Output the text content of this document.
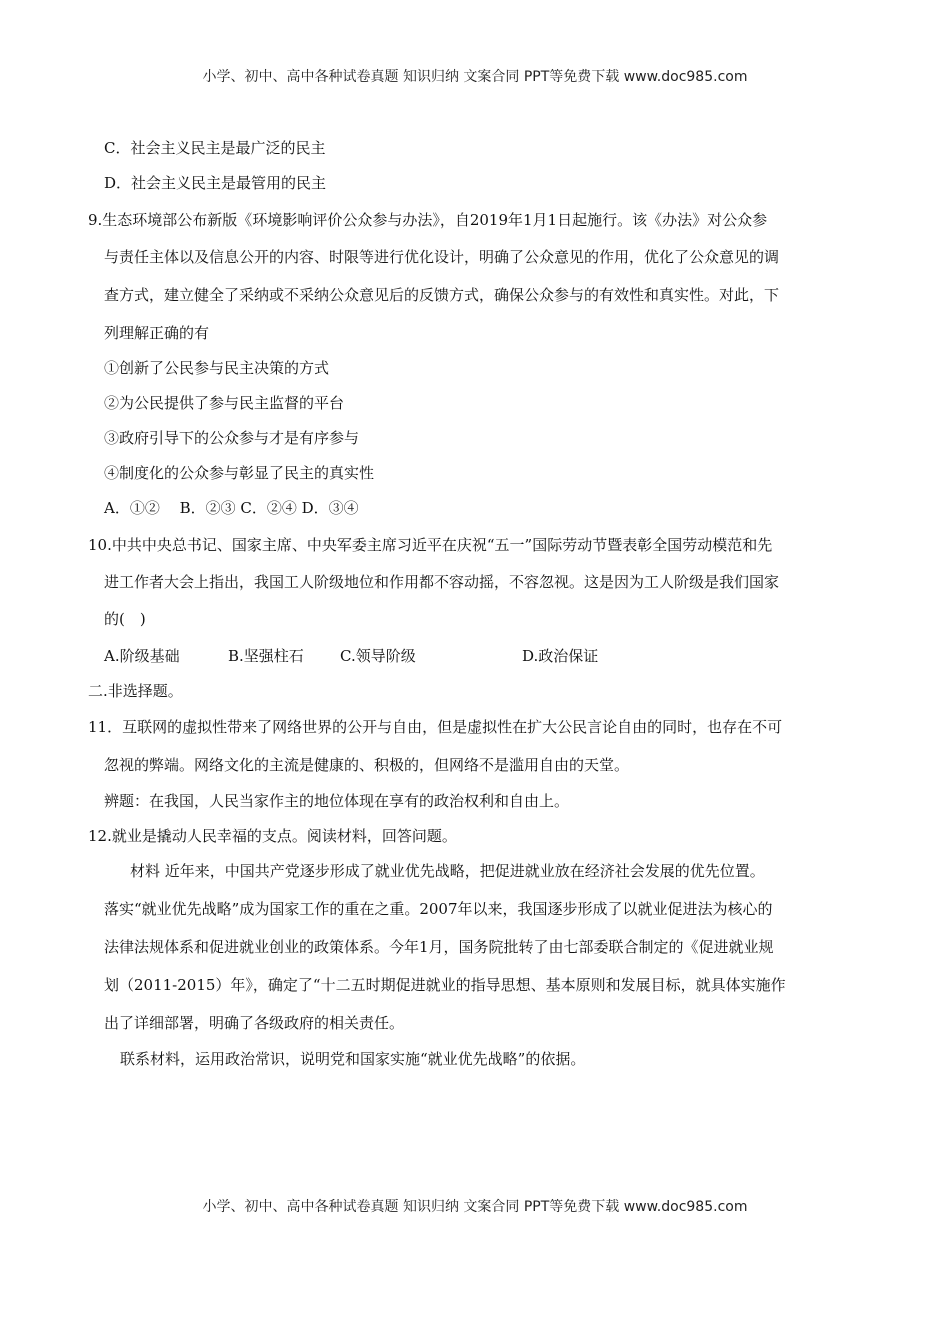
小学、初中、高中各种试卷真题 知识归纳 文案合同 PPT等免费下载 www.doc985.com
C．社会主义民主是最广泛的民主
D．社会主义民主是最管用的民主
9.生态环境部公布新版《环境影响评价公众参与办法》，自2019年1月1日起施行。该《办法》对公众参
与责任主体以及信息公开的内容、时限等进行优化设计，明确了公众意见的作用，优化了公众意见的调
查方式，建立健全了采纳或不采纳公众意见后的反馈方式，确保公众参与的有效性和真实性。对此，下
列理解正确的有
①创新了公民参与民主决策的方式
②为公民提供了参与民主监督的平台
③政府引导下的公众参与才是有序参与
④制度化的公众参与彰显了民主的真实性
A．①②　 B．②③ C．②④ D．③④
10.中共中央总书记、国家主席、中央军委主席习近平在庆祝“五一”国际劳动节暨表彰全国劳动模范和先
进工作者大会上指出，我国工人阶级地位和作用都不容动摇，不容忽视。这是因为工人阶级是我们国家
的(　)
A.阶级基础	B.坚强柱石 C.领导阶级	D.政治保证
二.非选择题。
11．互联网的虚拟性带来了网络世界的公开与自由，但是虚拟性在扩大公民言论自由的同时，也存在不可
忽视的弊端。网络文化的主流是健康的、积极的，但网络不是滥用自由的天堂。
辨题：在我国，人民当家作主的地位体现在享有的政治权利和自由上。
12.就业是撬动人民幸福的支点。阅读材料，回答问题。
材料 近年来，中国共产党逐步形成了就业优先战略，把促进就业放在经济社会发展的优先位置。
落实“就业优先战略”成为国家工作的重在之重。2007年以来，我国逐步形成了以就业促进法为核心的
法律法规体系和促进就业创业的政策体系。今年1月，国务院批转了由七部委联合制定的《促进就业规
划（2011-2015）年》，确定了“十二五时期促进就业的指导思想、基本原则和发展目标，就具体实施作
出了详细部署，明确了各级政府的相关责任。
联系材料，运用政治常识，说明党和国家实施“就业优先战略”的依据。
小学、初中、高中各种试卷真题 知识归纳 文案合同 PPT等免费下载 www.doc985.com
